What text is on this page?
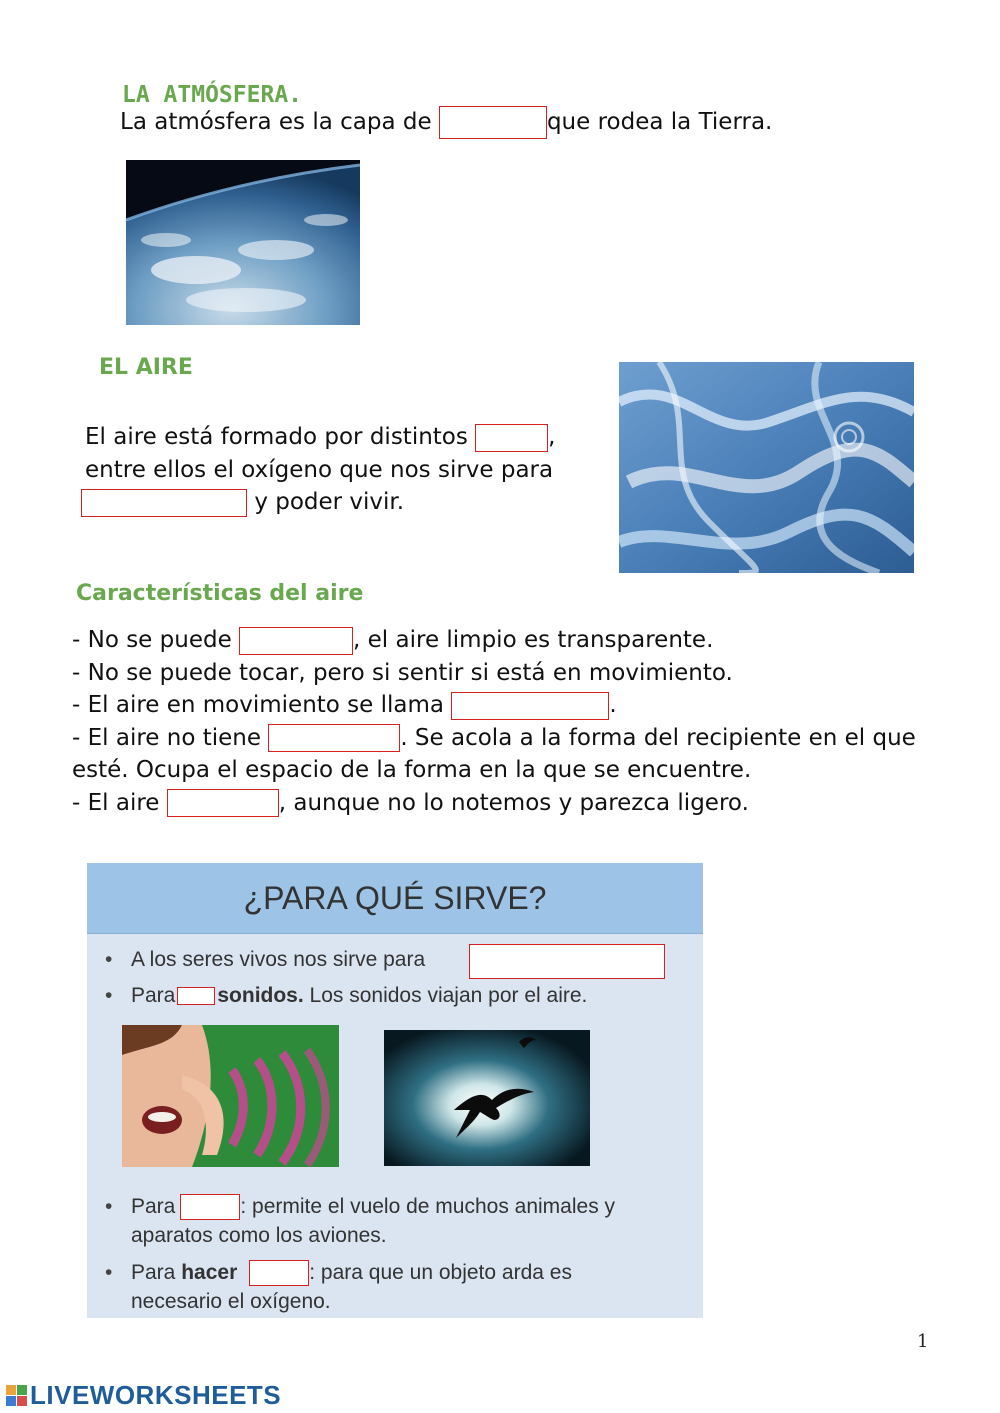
LA ATMÓSFERA.
La atmósfera es la capa de	que rodea la Tierra.
EL AIRE
El aire está formado por distintos	,
entre ellos el oxígeno que nos sirve para
y poder vivir.
Características del aire
- No se puede	, el aire limpio es transparente.
- No se puede tocar, pero si sentir si está en movimiento.
- El aire en movimiento se llama	.
- El aire no tiene	. Se acola a la forma del recipiente en el que
esté. Ocupa el espacio de la forma en la que se encuentre.
- El aire	, aunque no lo notemos y parezca ligero.
¿PARA QUÉ SIRVE?
• A los seres vivos nos sirve para
• Para sonidos. Los sonidos viajan por el aire.
• Para	: permite el vuelo de muchos animales y
aparatos como los aviones.
• Para hacer	: para que un objeto arda es
necesario el oxígeno.
1
LIVEWORKSHEETS
